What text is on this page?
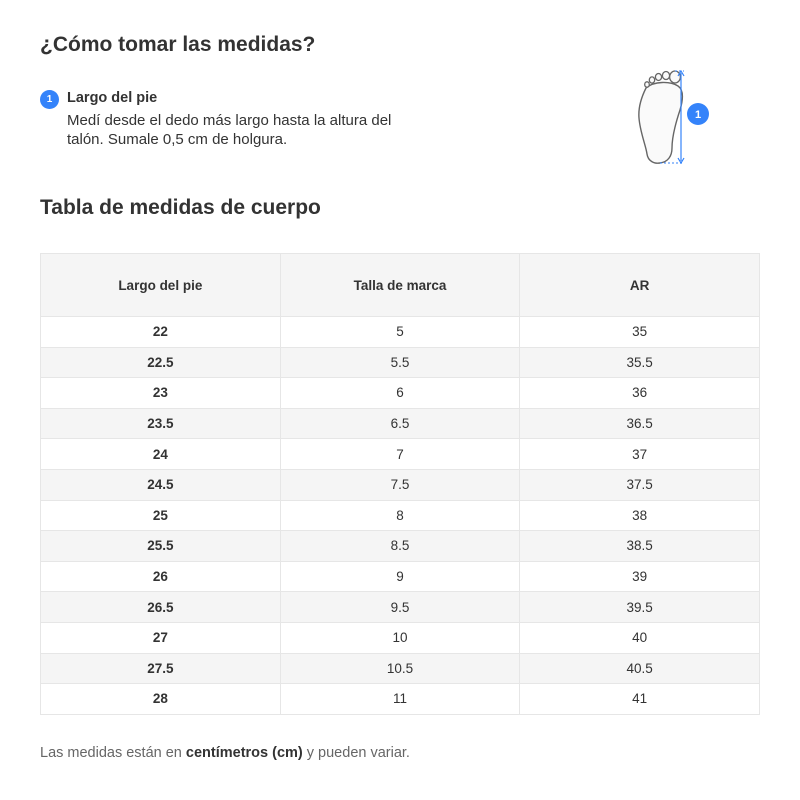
¿Cómo tomar las medidas?
1	Largo del pie
Medí desde el dedo más largo hasta la altura del talón. Sumale 0,5 cm de holgura.
1
Tabla de medidas de cuerpo
Largo del pie	Talla de marca	AR
22	5	35
22.5	5.5	35.5
23	6	36
23.5	6.5	36.5
24	7	37
24.5	7.5	37.5
25	8	38
25.5	8.5	38.5
26	9	39
26.5	9.5	39.5
27	10	40
27.5	10.5	40.5
28	11	41
Las medidas están en centímetros (cm) y pueden variar.
